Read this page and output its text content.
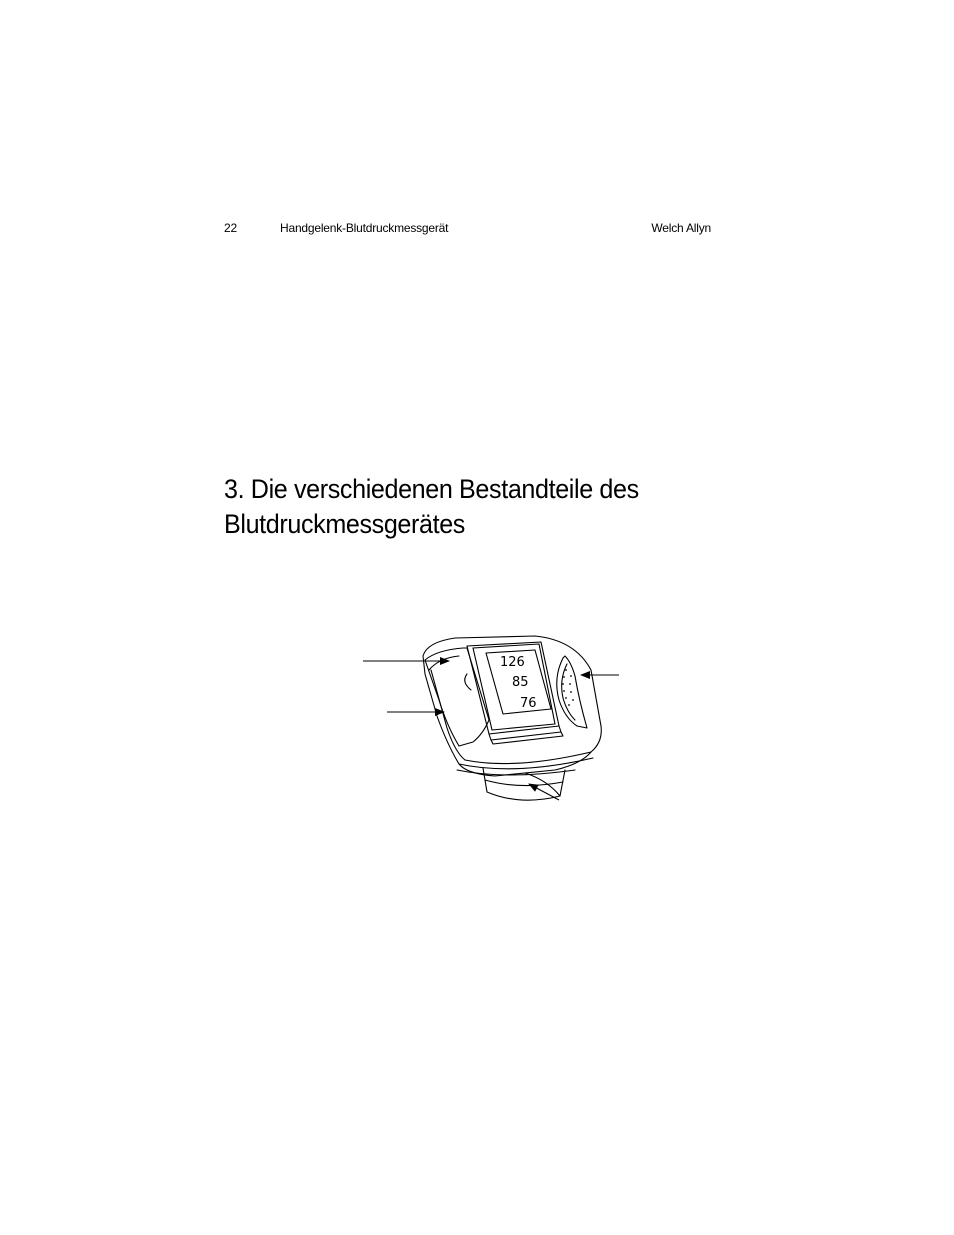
22	Handgelenk-Blutdruckmessgerät	Welch Allyn
3. Die verschiedenen Bestandteile des
Blutdruckmessgerätes
126
85
76
